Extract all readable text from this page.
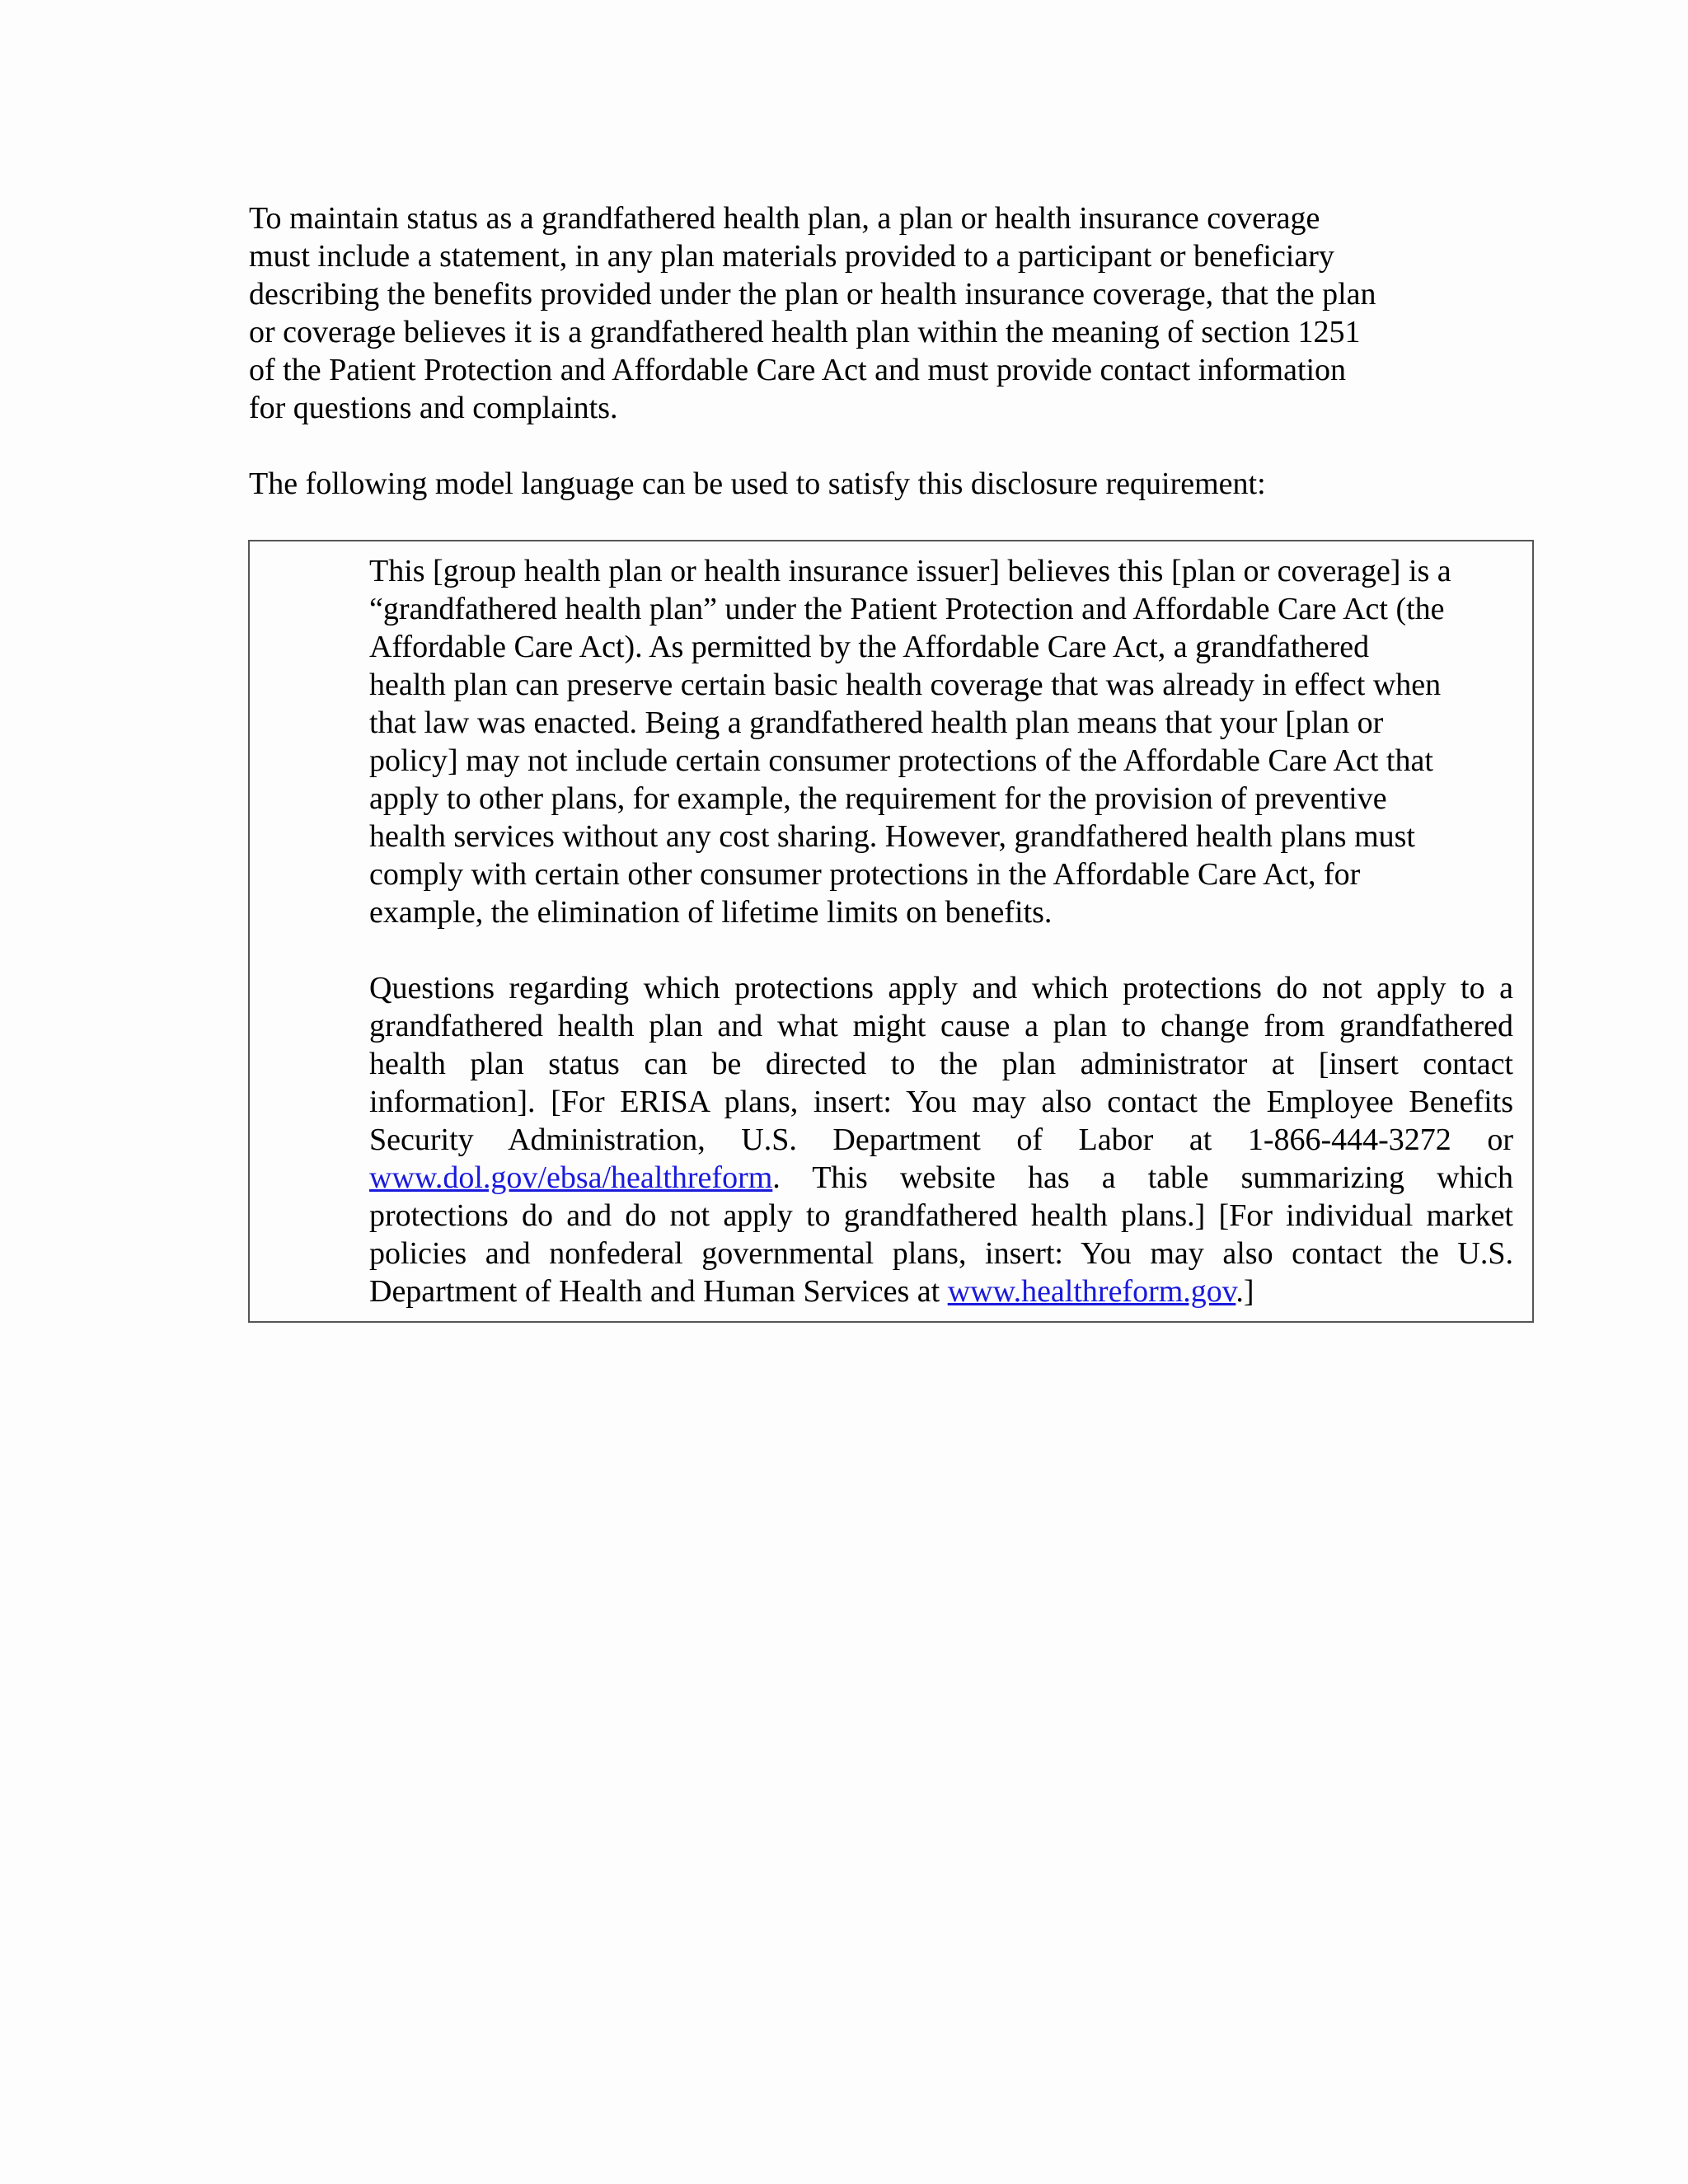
To maintain status as a grandfathered health plan, a plan or health insurance coverage
must include a statement, in any plan materials provided to a participant or beneficiary
describing the benefits provided under the plan or health insurance coverage, that the plan
or coverage believes it is a grandfathered health plan within the meaning of section 1251
of the Patient Protection and Affordable Care Act and must provide contact information
for questions and complaints.

The following model language can be used to satisfy this disclosure requirement:

This [group health plan or health insurance issuer] believes this [plan or coverage] is a
“grandfathered health plan” under the Patient Protection and Affordable Care Act (the
Affordable Care Act). As permitted by the Affordable Care Act, a grandfathered
health plan can preserve certain basic health coverage that was already in effect when
that law was enacted. Being a grandfathered health plan means that your [plan or
policy] may not include certain consumer protections of the Affordable Care Act that
apply to other plans, for example, the requirement for the provision of preventive
health services without any cost sharing. However, grandfathered health plans must
comply with certain other consumer protections in the Affordable Care Act, for
example, the elimination of lifetime limits on benefits.

Questions regarding which protections apply and which protections do not apply to a
grandfathered health plan and what might cause a plan to change from grandfathered
health plan status can be directed to the plan administrator at [insert contact
information]. [For ERISA plans, insert: You may also contact the Employee Benefits
Security Administration, U.S. Department of Labor at 1-866-444-3272 or
www.dol.gov/ebsa/healthreform. This website has a table summarizing which
protections do and do not apply to grandfathered health plans.] [For individual market
policies and nonfederal governmental plans, insert: You may also contact the U.S.
Department of Health and Human Services at www.healthreform.gov.]
